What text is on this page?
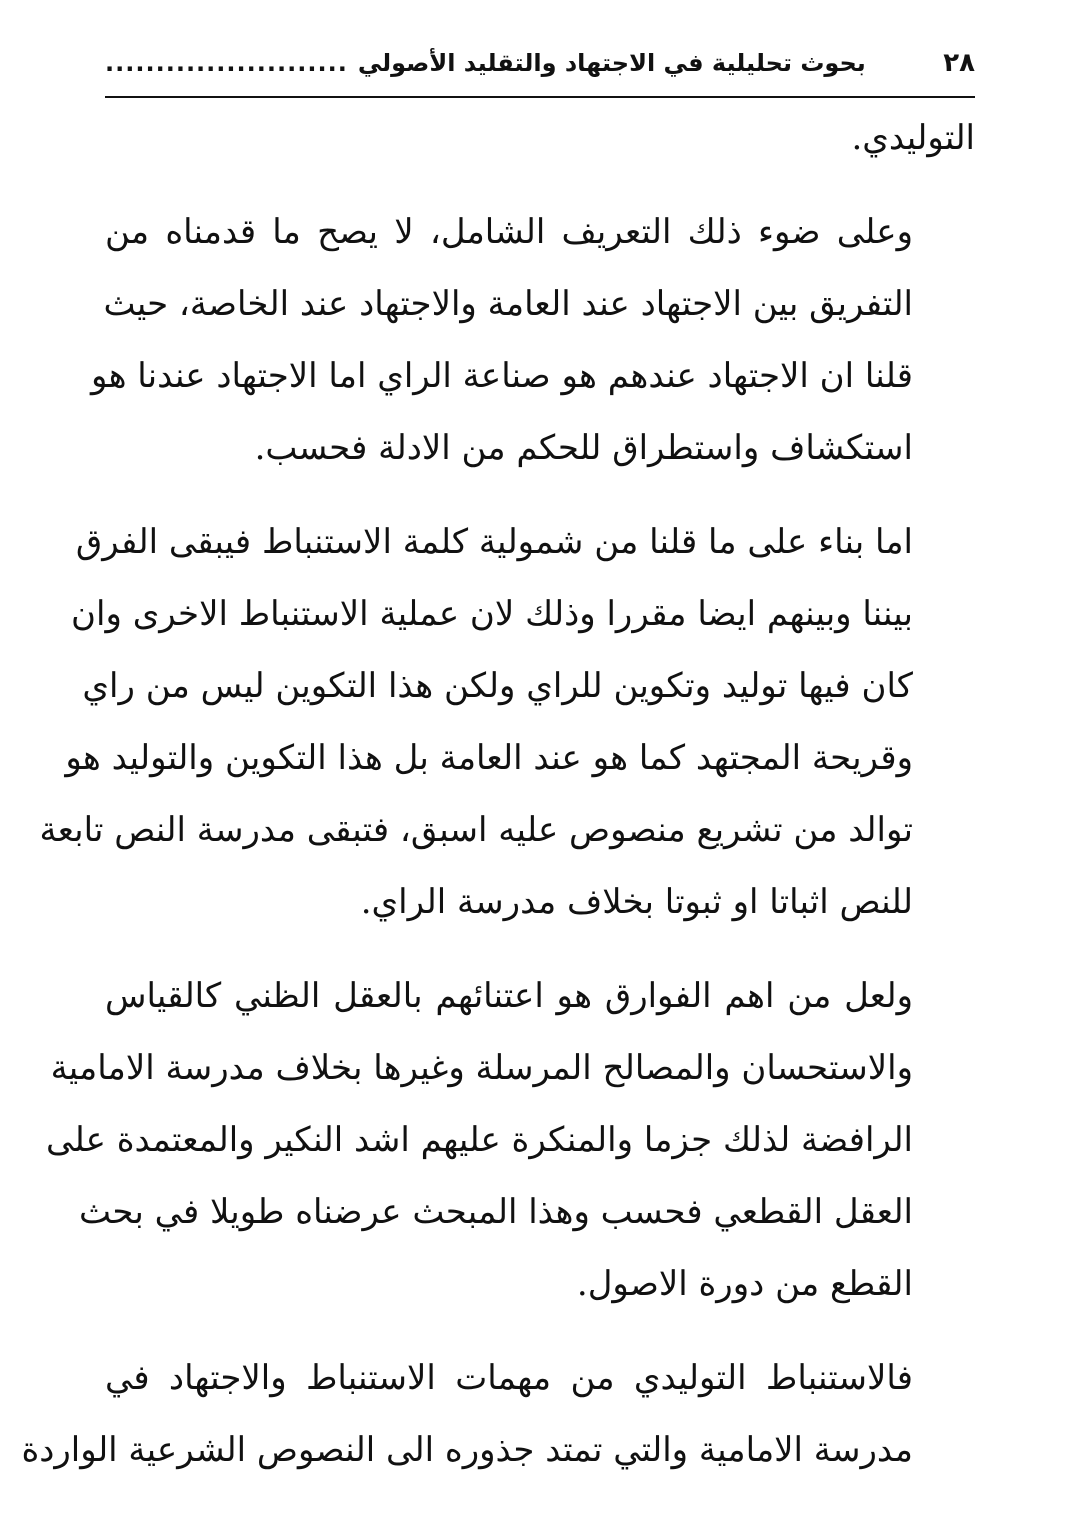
٢٨
بحوث تحليلية في الاجتهاد والتقليد الأصولي
........................
التوليدي.
وعلى ضوء ذلك التعريف الشامل، لا يصح ما قدمناه من
التفريق بين الاجتهاد عند العامة والاجتهاد عند الخاصة، حيث
قلنا ان الاجتهاد عندهم هو صناعة الراي اما الاجتهاد عندنا هو
استكشاف واستطراق للحكم من الادلة فحسب.
اما بناء على ما قلنا من شمولية كلمة الاستنباط فيبقى الفرق
بيننا وبينهم ايضا مقررا وذلك لان عملية الاستنباط الاخرى وان
كان فيها توليد وتكوين للراي ولكن هذا التكوين ليس من راي
وقريحة المجتهد كما هو عند العامة بل هذا التكوين والتوليد هو
توالد من تشريع منصوص عليه اسبق، فتبقى مدرسة النص تابعة
للنص اثباتا او ثبوتا بخلاف مدرسة الراي.
ولعل من اهم الفوارق هو اعتنائهم بالعقل الظني كالقياس
والاستحسان والمصالح المرسلة وغيرها بخلاف مدرسة الامامية
الرافضة لذلك جزما والمنكرة عليهم اشد النكير والمعتمدة على
العقل القطعي فحسب وهذا المبحث عرضناه طويلا في بحث
القطع من دورة الاصول.
فالاستنباط التوليدي من مهمات الاستنباط والاجتهاد في
مدرسة الامامية والتي تمتد جذوره الى النصوص الشرعية الواردة
